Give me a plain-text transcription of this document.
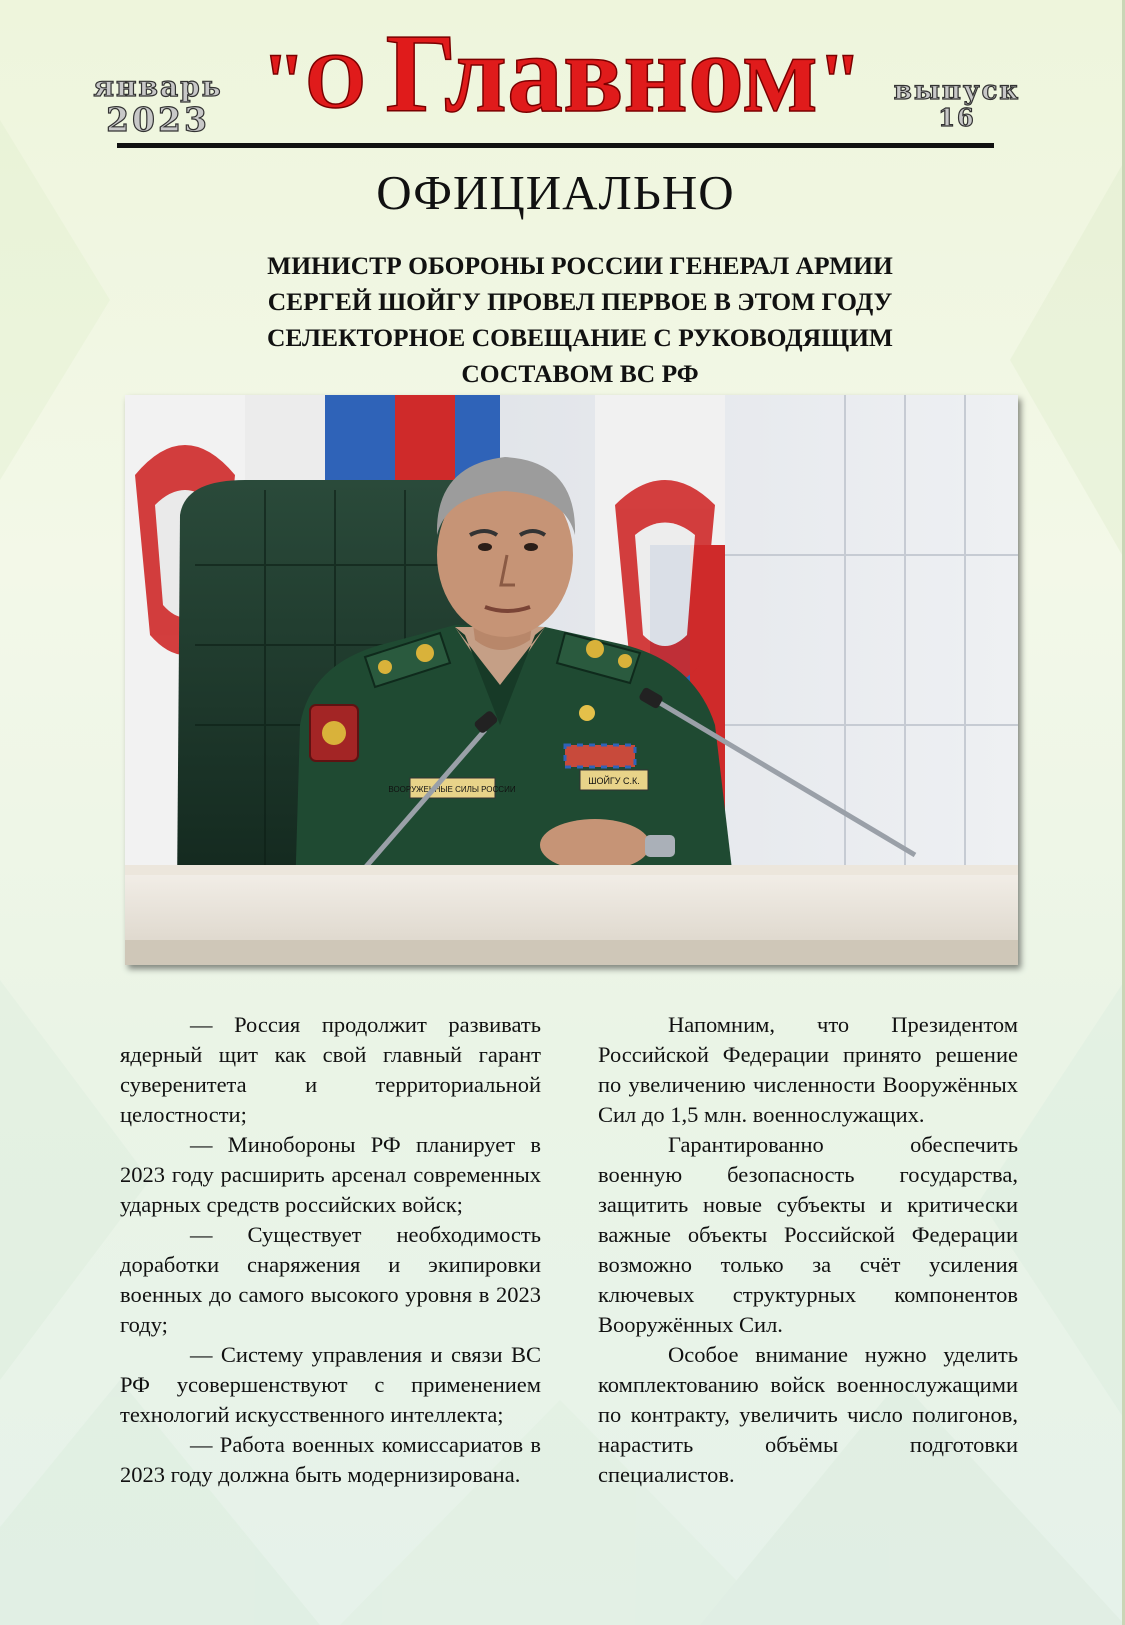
январь
2023 "О Главном"	выпуск
16
ОФИЦИАЛЬНО
МИНИСТР ОБОРОНЫ РОССИИ ГЕНЕРАЛ АРМИИ
СЕРГЕЙ ШОЙГУ ПРОВЕЛ ПЕРВОЕ В ЭТОМ ГОДУ
СЕЛЕКТОРНОЕ СОВЕЩАНИЕ С РУКОВОДЯЩИМ
СОСТАВОМ ВС РФ
ВООРУЖЕННЫЕ СИЛЫ РОССИИ
ШОЙГУ С.К.

— Россия продолжит развивать ядерный щит как свой главный гарант суверенитета и территориальной целостности;

— Минобороны РФ планирует в 2023 году расширить арсенал современных ударных средств российских войск;

— Существует необходимость доработки снаряжения и экипировки военных до самого высокого уровня в 2023 году;

— Систему управления и связи ВС РФ усовершенствуют с применением технологий искусственного интеллекта;

— Работа военных комиссариатов в 2023 году должна быть модернизирована.

Напомним, что Президентом Российской Федерации принято решение по увеличению численности Вооружённых Сил до 1,5 млн. военнослужащих.

Гарантированно обеспечить военную безопасность государства, защитить новые субъекты и критически важные объекты Российской Федерации возможно только за счёт усиления ключевых структурных компонентов Вооружённых Сил.

Особое внимание нужно уделить комплектованию войск военнослужащими по контракту, увеличить число полигонов, нарастить объёмы подготовки специалистов.
